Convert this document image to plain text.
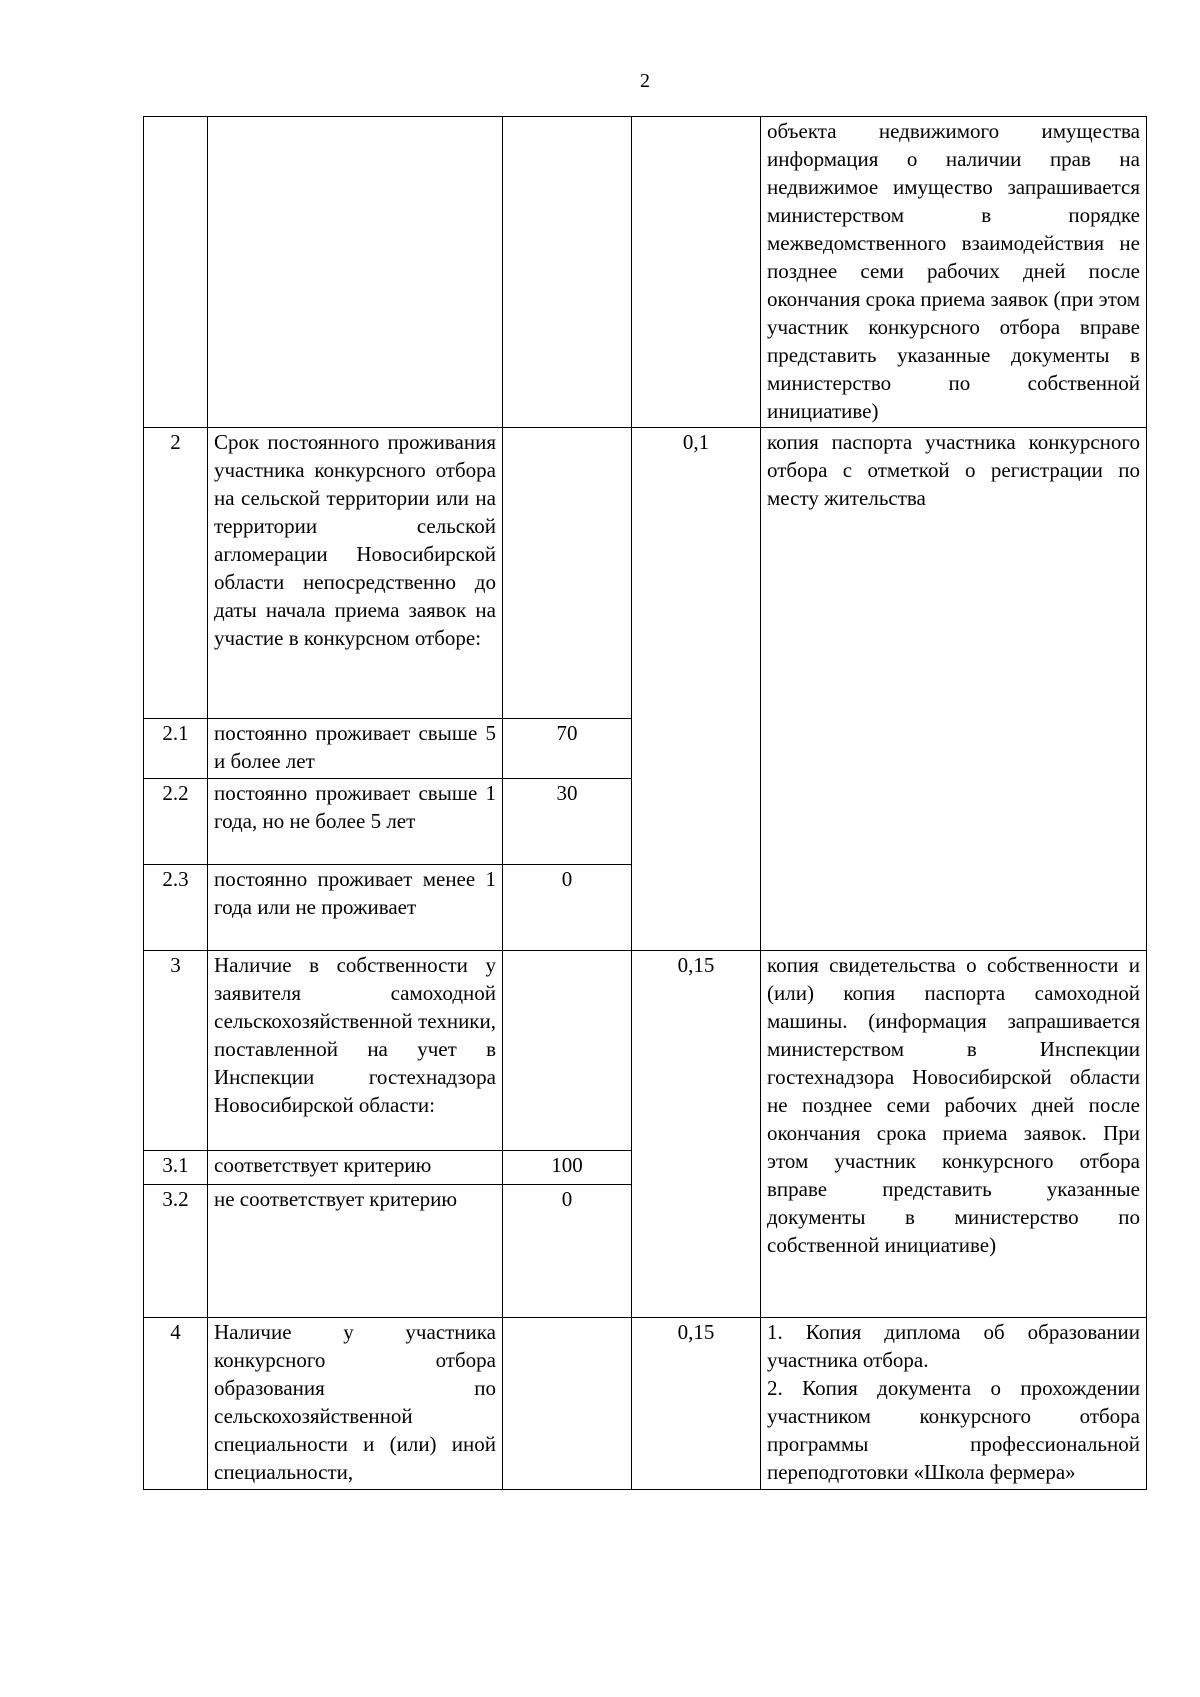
2
				объекта недвижимого имущества информация о наличии прав на недвижимое имущество запрашивается министерством в порядке межведомственного взаимодействия не позднее семи рабочих дней после окончания срока приема заявок (при этом участник конкурсного отбора вправе представить указанные документы в министерство по собственной инициативе)
2	Срок постоянного проживания участника конкурсного отбора на сельской территории или на территории сельской агломерации Новосибирской области непосредственно до даты начала приема заявок на участие в конкурсном отборе:		0,1	копия паспорта участника конкурсного отбора с отметкой о регистрации по месту жительства
2.1	постоянно проживает свыше 5 и более лет	70		
2.2	постоянно проживает свыше 1 года, но не более 5 лет	30		
2.3	постоянно проживает менее 1 года или не проживает	0		
3	Наличие в собственности у заявителя самоходной сельскохозяйственной техники, поставленной на учет в Инспекции гостехнадзора Новосибирской области:		0,15	копия свидетельства о собственности и (или) копия паспорта самоходной машины. (информация запрашивается министерством в Инспекции гостехнадзора Новосибирской области не позднее семи рабочих дней после окончания срока приема заявок. При этом участник конкурсного отбора вправе представить указанные документы в министерство по собственной инициативе)
3.1	соответствует критерию	100		
3.2	не соответствует критерию	0		
4	Наличие у участника конкурсного отбора образования по сельскохозяйственной специальности и (или) иной специальности,		0,15	1. Копия диплома об образовании участника отбора.
2. Копия документа о прохождении участником конкурсного отбора программы профессиональной переподготовки «Школа фермера»
